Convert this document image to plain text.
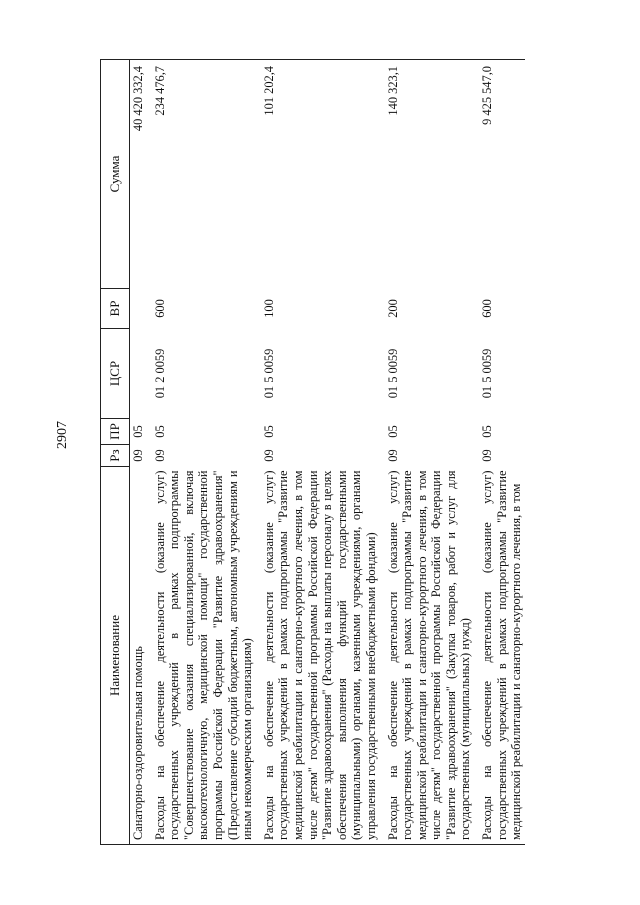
2907
Наименование	Рз	ПР	ЦСР	ВР	Сумма
Санаторно-оздоровительная помощь	09	05			40 420 332,4

Расходы на обеспечение деятельности (оказание услуг) государственных учреждений в рамках подпрограммы "Совершенствование оказания специализированной, включая высокотехнологичную, медицинской помощи" государственной программы Российской Федерации "Развитие здравоохранения" (Предоставление субсидий бюджетным, автономным учреждениям и иным некоммерческим организациям)	09	05	01 2 0059	600	234 476,7

Расходы на обеспечение деятельности (оказание услуг) государственных учреждений в рамках подпрограммы "Развитие медицинской реабилитации и санаторно-курортного лечения, в том числе детям" государственной программы Российской Федерации "Развитие здравоохранения" (Расходы на выплаты персоналу в целях обеспечения выполнения функций государственными (муниципальными) органами, казенными учреждениями, органами управления государственными внебюджетными фондами)	09	05	01 5 0059	100	101 202,4

Расходы на обеспечение деятельности (оказание услуг) государственных учреждений в рамках подпрограммы "Развитие медицинской реабилитации и санаторно-курортного лечения, в том числе детям" государственной программы Российской Федерации "Развитие здравоохранения" (Закупка товаров, работ и услуг для государственных (муниципальных) нужд)	09	05	01 5 0059	200	140 323,1

Расходы на обеспечение деятельности (оказание услуг) государственных учреждений в рамках подпрограммы "Развитие медицинской реабилитации и санаторно-курортного лечения, в том	09	05	01 5 0059	600	9 425 547,0
